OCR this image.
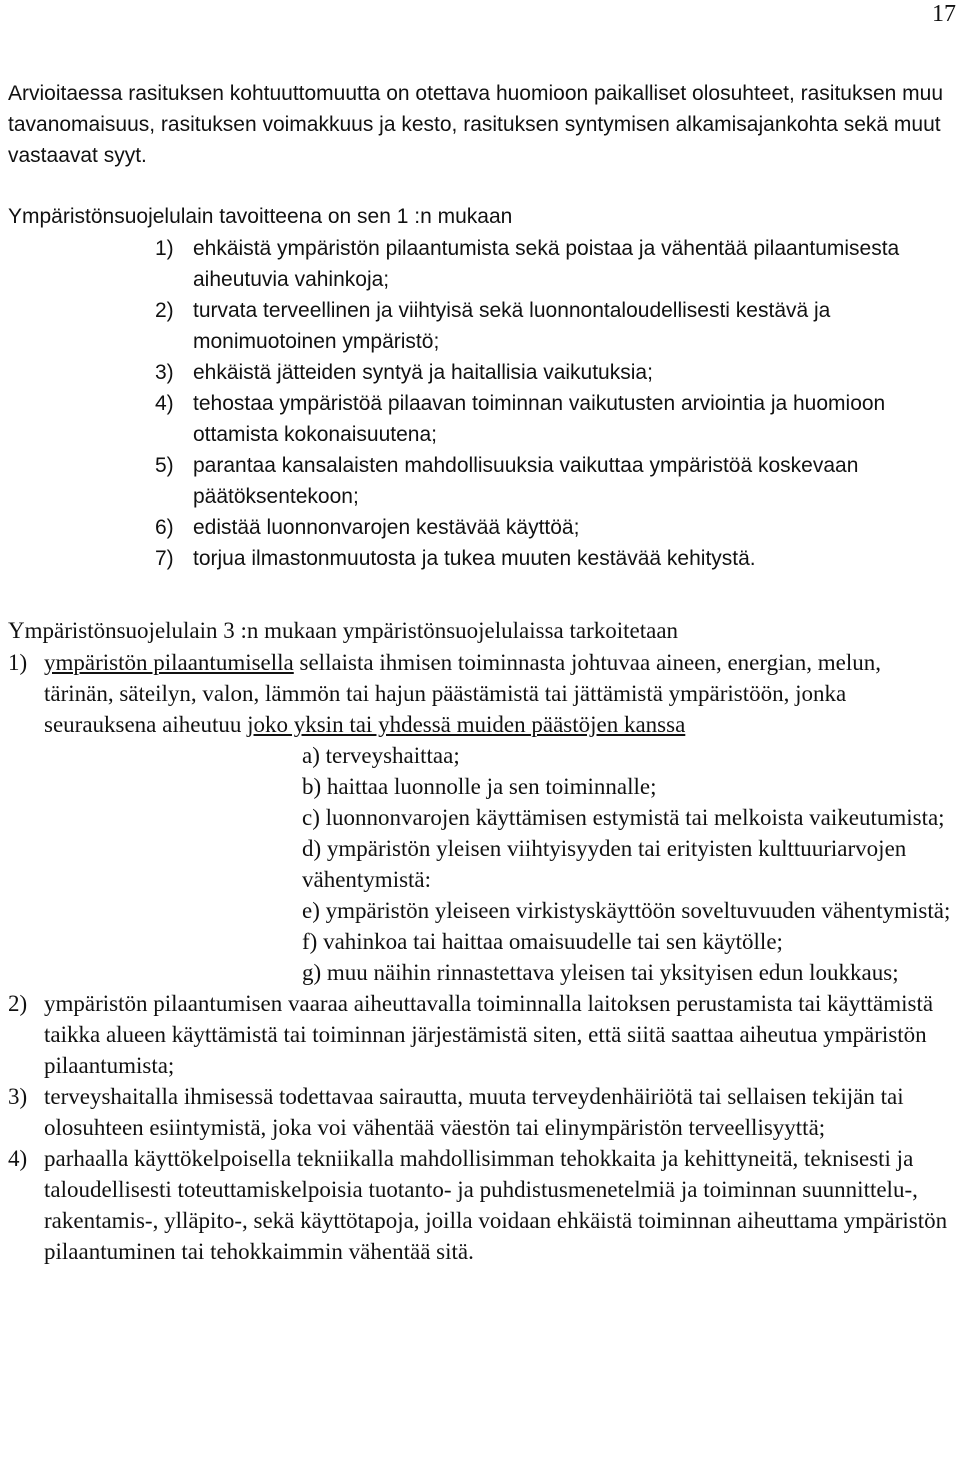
17

Arvioitaessa rasituksen kohtuuttomuutta on otettava huomioon paikalliset olosuhteet, rasituksen muu tavanomaisuus, rasituksen voimakkuus ja kesto, rasituksen syntymisen alkamisajankohta sekä muut vastaavat syyt.

Ympäristönsuojelulain tavoitteena on sen 1 :n mukaan

1) ehkäistä ympäristön pilaantumista sekä poistaa ja vähentää pilaantumisesta aiheutuvia vahinkoja;
2) turvata terveellinen ja viihtyisä sekä luonnontaloudellisesti kestävä ja monimuotoinen ympäristö;
3) ehkäistä jätteiden syntyä ja haitallisia vaikutuksia;
4) tehostaa ympäristöä pilaavan toiminnan vaikutusten arviointia ja huomioon ottamista kokonaisuutena;
5) parantaa kansalaisten mahdollisuuksia vaikuttaa ympäristöä koskevaan päätöksentekoon;
6) edistää luonnonvarojen kestävää käyttöä;
7) torjua ilmastonmuutosta ja tukea muuten kestävää kehitystä.

Ympäristönsuojelulain 3 :n mukaan ympäristönsuojelulaissa tarkoitetaan

1) ympäristön pilaantumisella sellaista ihmisen toiminnasta johtuvaa aineen, energian, melun, tärinän, säteilyn, valon, lämmön tai hajun päästämistä tai jättämistä ympäristöön, jonka seurauksena aiheutuu joko yksin tai yhdessä muiden päästöjen kanssa
a) terveyshaittaa;
b) haittaa luonnolle ja sen toiminnalle;
c) luonnonvarojen käyttämisen estymistä tai melkoista vaikeutumista;
d) ympäristön yleisen viihtyisyyden tai erityisten kulttuuriarvojen vähentymistä:
e) ympäristön yleiseen virkistyskäyttöön soveltuvuuden vähentymistä;
f) vahinkoa tai haittaa omaisuudelle tai sen käytölle;
g) muu näihin rinnastettava yleisen tai yksityisen edun loukkaus;
2) ympäristön pilaantumisen vaaraa aiheuttavalla toiminnalla laitoksen perustamista tai käyttämistä taikka alueen käyttämistä tai toiminnan järjestämistä siten, että siitä saattaa aiheutua ympäristön pilaantumista;
3) terveyshaitalla ihmisessä todettavaa sairautta, muuta terveydenhäiriötä tai sellaisen tekijän tai olosuhteen esiintymistä, joka voi vähentää väestön tai elinympäristön terveellisyyttä;
4) parhaalla käyttökelpoisella tekniikalla mahdollisimman tehokkaita ja kehittyneitä, teknisesti ja taloudellisesti toteuttamiskelpoisia tuotanto- ja puhdistusmenetelmiä ja toiminnan suunnittelu-, rakentamis-, ylläpito-, sekä käyttötapoja, joilla voidaan ehkäistä toiminnan aiheuttama ympäristön pilaantuminen tai tehokkaimmin vähentää sitä.
